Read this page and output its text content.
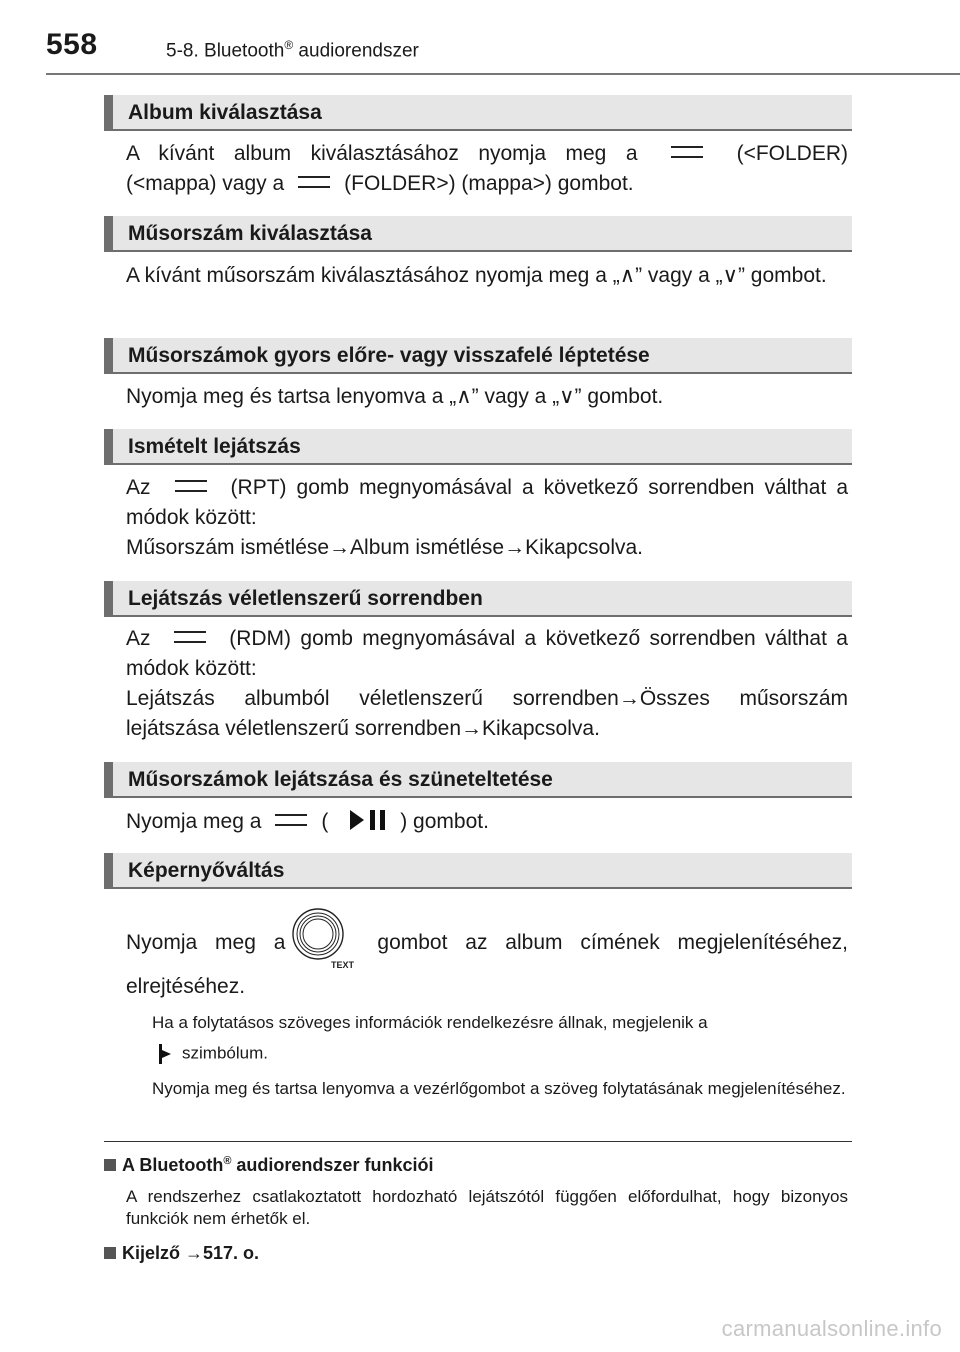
558	5-8. Bluetooth® audiorendszer
Album kiválasztása

A kívánt album kiválasztásához nyomja meg a	(<FOLDER)

(<mappa) vagy a	(FOLDER>) (mappa>) gombot.

Műsorszám kiválasztása

A kívánt műsorszám kiválasztásához nyomja meg a „∧” vagy a „∨” gombot.

Műsorszámok gyors előre- vagy visszafelé léptetése

Nyomja meg és tartsa lenyomva a „∧” vagy a „∨” gombot.

Ismételt lejátszás

Az	(RPT) gomb megnyomásával a következő sorrendben válthat a módok között:

Műsorszám ismétlése→Album ismétlése→Kikapcsolva.

Lejátszás véletlenszerű sorrendben

Az	(RDM) gomb megnyomásával a következő sorrendben válthat a módok között:

Lejátszás albumból véletlenszerű sorrendben→Összes műsorszám lejátszása véletlenszerű sorrendben→Kikapcsolva.

Műsorszámok lejátszása és szüneteltetése

Nyomja meg a	(	) gombot.

Képernyőváltás

Nyomja meg a	gombot az album címének megjelenítéséhez,

TEXT

elrejtéséhez.

Ha a folytatásos szöveges információk rendelkezésre állnak, megjelenik a

szimbólum.

Nyomja meg és tartsa lenyomva a vezérlőgombot a szöveg folytatásának megjelenítéséhez.

A Bluetooth® audiorendszer funkciói

A rendszerhez csatlakoztatott hordozható lejátszótól függően előfordulhat, hogy bizonyos funkciók nem érhetők el.

Kijelző →517. o.
carmanualsonline.info
